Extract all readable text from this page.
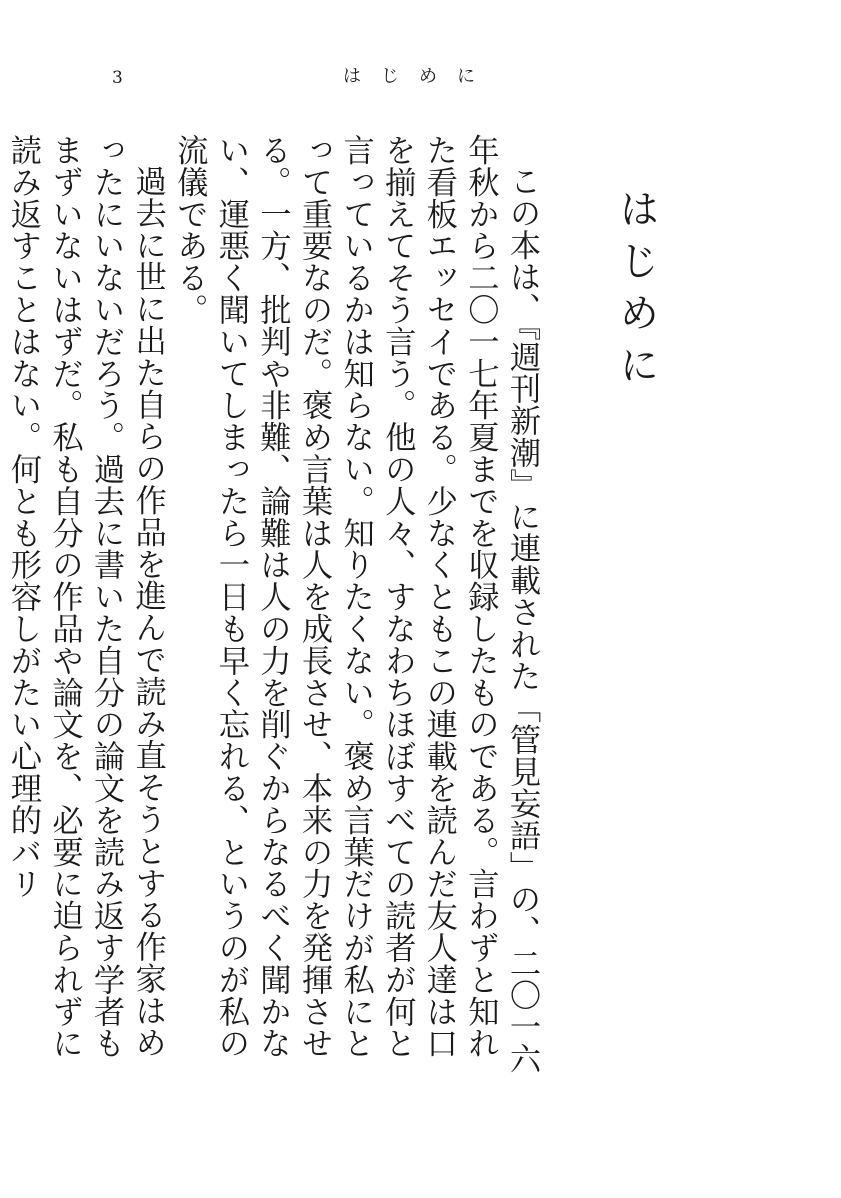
3	はじめに
はじめに

この本は、『週刊新潮』に連載された「管見妄語」の、二〇一六年秋から二〇一七年夏までを収録したものである。言わずと知れた看板エッセイである。少なくともこの連載を読んだ友人達は口を揃えてそう言う。他の人々、すなわちほぼすべての読者が何と言っているかは知らない。知りたくない。褒め言葉だけが私にとって重要なのだ。褒め言葉は人を成長させ、本来の力を発揮させる。一方、批判や非難、論難は人の力を削ぐからなるべく聞かない、運悪く聞いてしまったら一日も早く忘れる、というのが私の流儀である。

過去に世に出た自らの作品を進んで読み直そうとする作家はめったにいないだろう。過去に書いた自分の論文を読み返す学者もまずいないはずだ。私も自分の作品や論文を、必要に迫られずに読み返すことはない。何とも形容しがたい心理的バリ
